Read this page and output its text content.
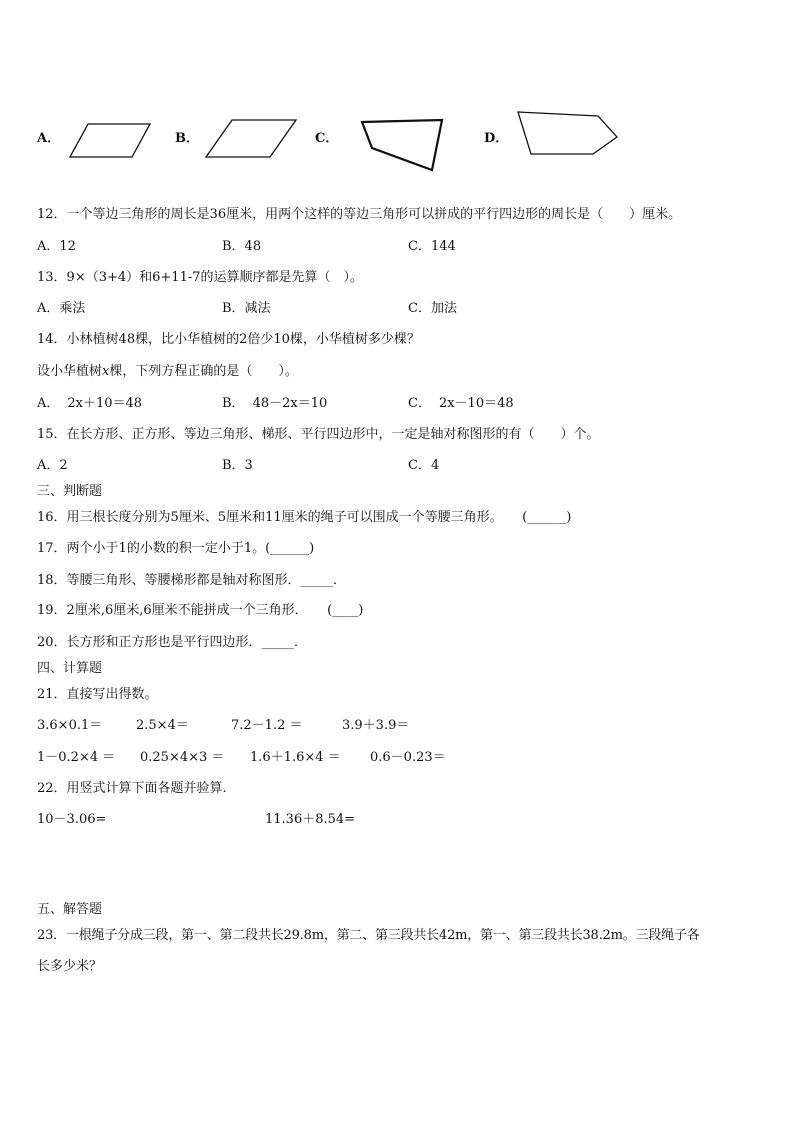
A．	B．	C．	D．
12．一个等边三角形的周长是36厘米，用两个这样的等边三角形可以拼成的平行四边形的周长是（　　）厘米。
A．12	B．48	C．144
13．9×（3+4）和6+11-7的运算顺序都是先算（　）。
A．乘法	B．减法	C．加法
14．小林植树48棵，比小华植树的2倍少10棵，小华植树多少棵？
设小华植树x棵，下列方程正确的是（　　）。
A． 2x＋10＝48	B． 48－2x＝10	C． 2x－10＝48
15．在长方形、正方形、等边三角形、梯形、平行四边形中，一定是轴对称图形的有（　　）个。
A．2	B．3	C．4
三、判断题
16．用三根长度分别为5厘米、5厘米和11厘米的绳子可以围成一个等腰三角形。　　(______)
17．两个小于1的小数的积一定小于1。(______)
18．等腰三角形、等腰梯形都是轴对称图形．_____．
19．2厘米,6厘米,6厘米不能拼成一个三角形．　　(____)
20．长方形和正方形也是平行四边形．_____．
四、计算题
21．直接写出得数。
3.6×0.1＝	2.5×4＝	7.2－1.2 ＝	3.9＋3.9＝
1－0.2×4 ＝ 0.25×4×3 ＝ 1.6＋1.6×4 ＝ 0.6－0.23＝
22．用竖式计算下面各题并验算.
10－3.06=	11.36＋8.54=
五、解答题
23．一根绳子分成三段，第一、第二段共长29.8m，第二、第三段共长42m，第一、第三段共长38.2m。三段绳子各
长多少米？
